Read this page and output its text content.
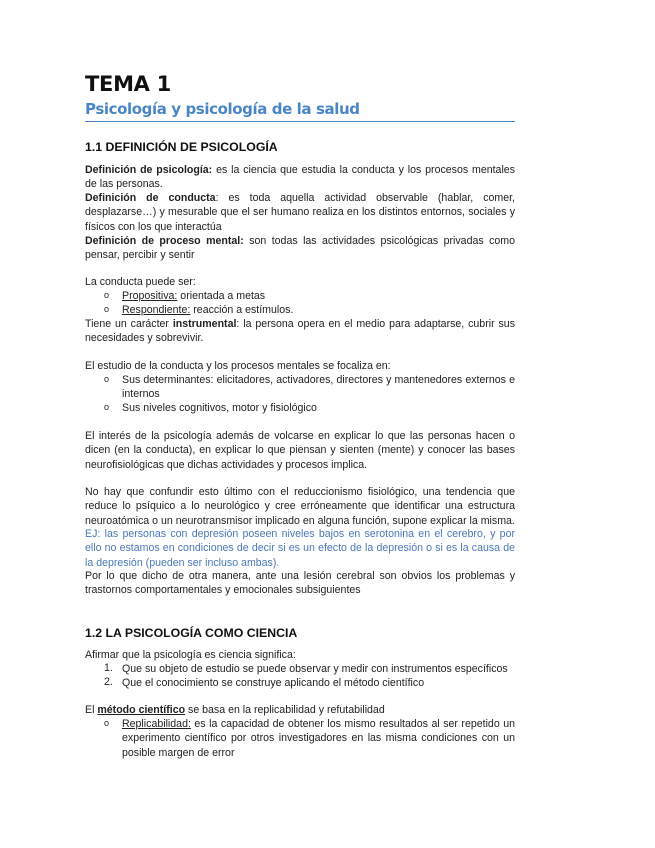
TEMA 1
Psicología y psicología de la salud
1.1 DEFINICIÓN DE PSICOLOGÍA

Definición de psicología: es la ciencia que estudia la conducta y los procesos mentales de las personas.

Definición de conducta: es toda aquella actividad observable (hablar, comer, desplazarse…) y mesurable que el ser humano realiza en los distintos entornos, sociales y físicos con los que interactúa

Definición de proceso mental: son todas las actividades psicológicas privadas como pensar, percibir y sentir

La conducta puede ser:
o Propositiva: orientada a metas
o Respondiente: reacción a estímulos.

Tiene un carácter instrumental: la persona opera en el medio para adaptarse, cubrir sus necesidades y sobrevivir.

El estudio de la conducta y los procesos mentales se focaliza en:
o Sus determinantes: elicitadores, activadores, directores y mantenedores externos e internos
o Sus niveles cognitivos, motor y fisiológico

El interés de la psicología además de volcarse en explicar lo que las personas hacen o dicen (en la conducta), en explicar lo que piensan y sienten (mente) y conocer las bases neurofisiológicas que dichas actividades y procesos implica.

No hay que confundir esto último con el reduccionismo fisiológico, una tendencia que reduce lo psíquico a lo neurológico y cree erróneamente que identificar una estructura neuroatómica o un neurotransmisor implicado en alguna función, supone explicar la misma.

EJ: las personas con depresión poseen niveles bajos en serotonina en el cerebro, y por ello no estamos en condiciones de decir si es un efecto de la depresión o si es la causa de la depresión (pueden ser incluso ambas).

Por lo que dicho de otra manera, ante una lesión cerebral son obvios los problemas y trastornos comportamentales y emocionales subsiguientes

1.2 LA PSICOLOGÍA COMO CIENCIA
Afirmar que la psicología es ciencia significa:
1. Que su objeto de estudio se puede observar y medir con instrumentos específicos
2. Que el conocimiento se construye aplicando el método científico
El método científico se basa en la replicabilidad y refutabilidad
o Replicabilidad: es la capacidad de obtener los mismo resultados al ser repetido un experimento científico por otros investigadores en las misma condiciones con un posible margen de error
